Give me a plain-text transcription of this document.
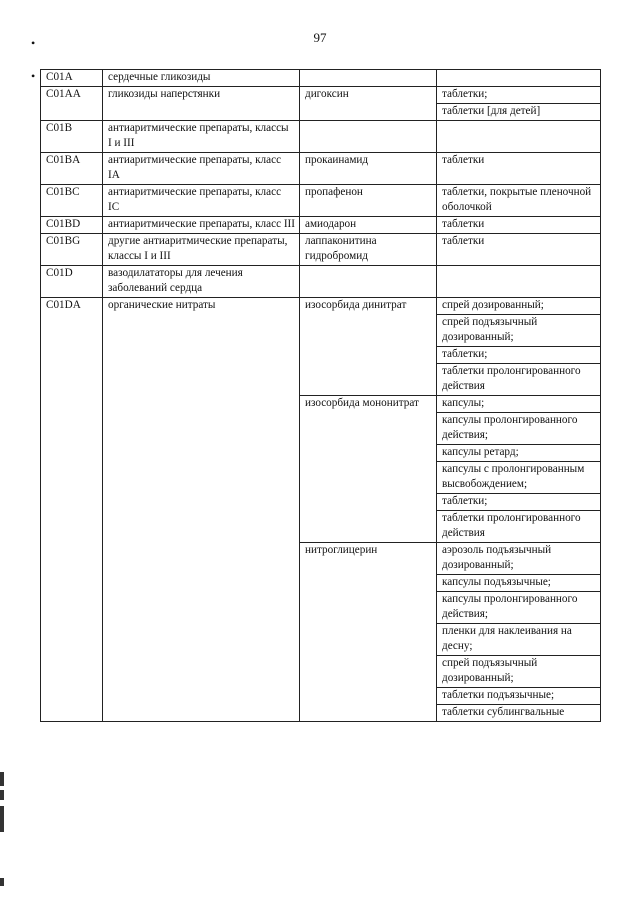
97
•
• C01A	сердечные гликозиды		
C01AA	гликозиды наперстянки	дигоксин	таблетки;
			таблетки [для детей]
C01B	антиаритмические препараты, классы I и III		
C01BA	антиаритмические препараты, класс IA	прокаинамид	таблетки
C01BC	антиаритмические препараты, класс IC	пропафенон	таблетки, покрытые пленочной оболочкой
C01BD	антиаритмические препараты, класс III	амиодарон	таблетки
C01BG	другие антиаритмические препараты, классы I и III	лаппаконитина гидробромид	таблетки
C01D	вазодилататоры для лечения заболеваний сердца		
C01DA	органические нитраты	изосорбида динитрат	спрей дозированный;
			спрей подъязычный дозированный;
			таблетки;
			таблетки пролонгированного действия
		изосорбида мононитрат	капсулы;
			капсулы пролонгированного действия;
			капсулы ретард;
			капсулы с пролонгированным высвобождением;
			таблетки;
			таблетки пролонгированного действия
		нитроглицерин	аэрозоль подъязычный дозированный;
			капсулы подъязычные;
			капсулы пролонгированного действия;
			пленки для наклеивания на десну;
			спрей подъязычный дозированный;
			таблетки подъязычные;
			таблетки сублингвальные
